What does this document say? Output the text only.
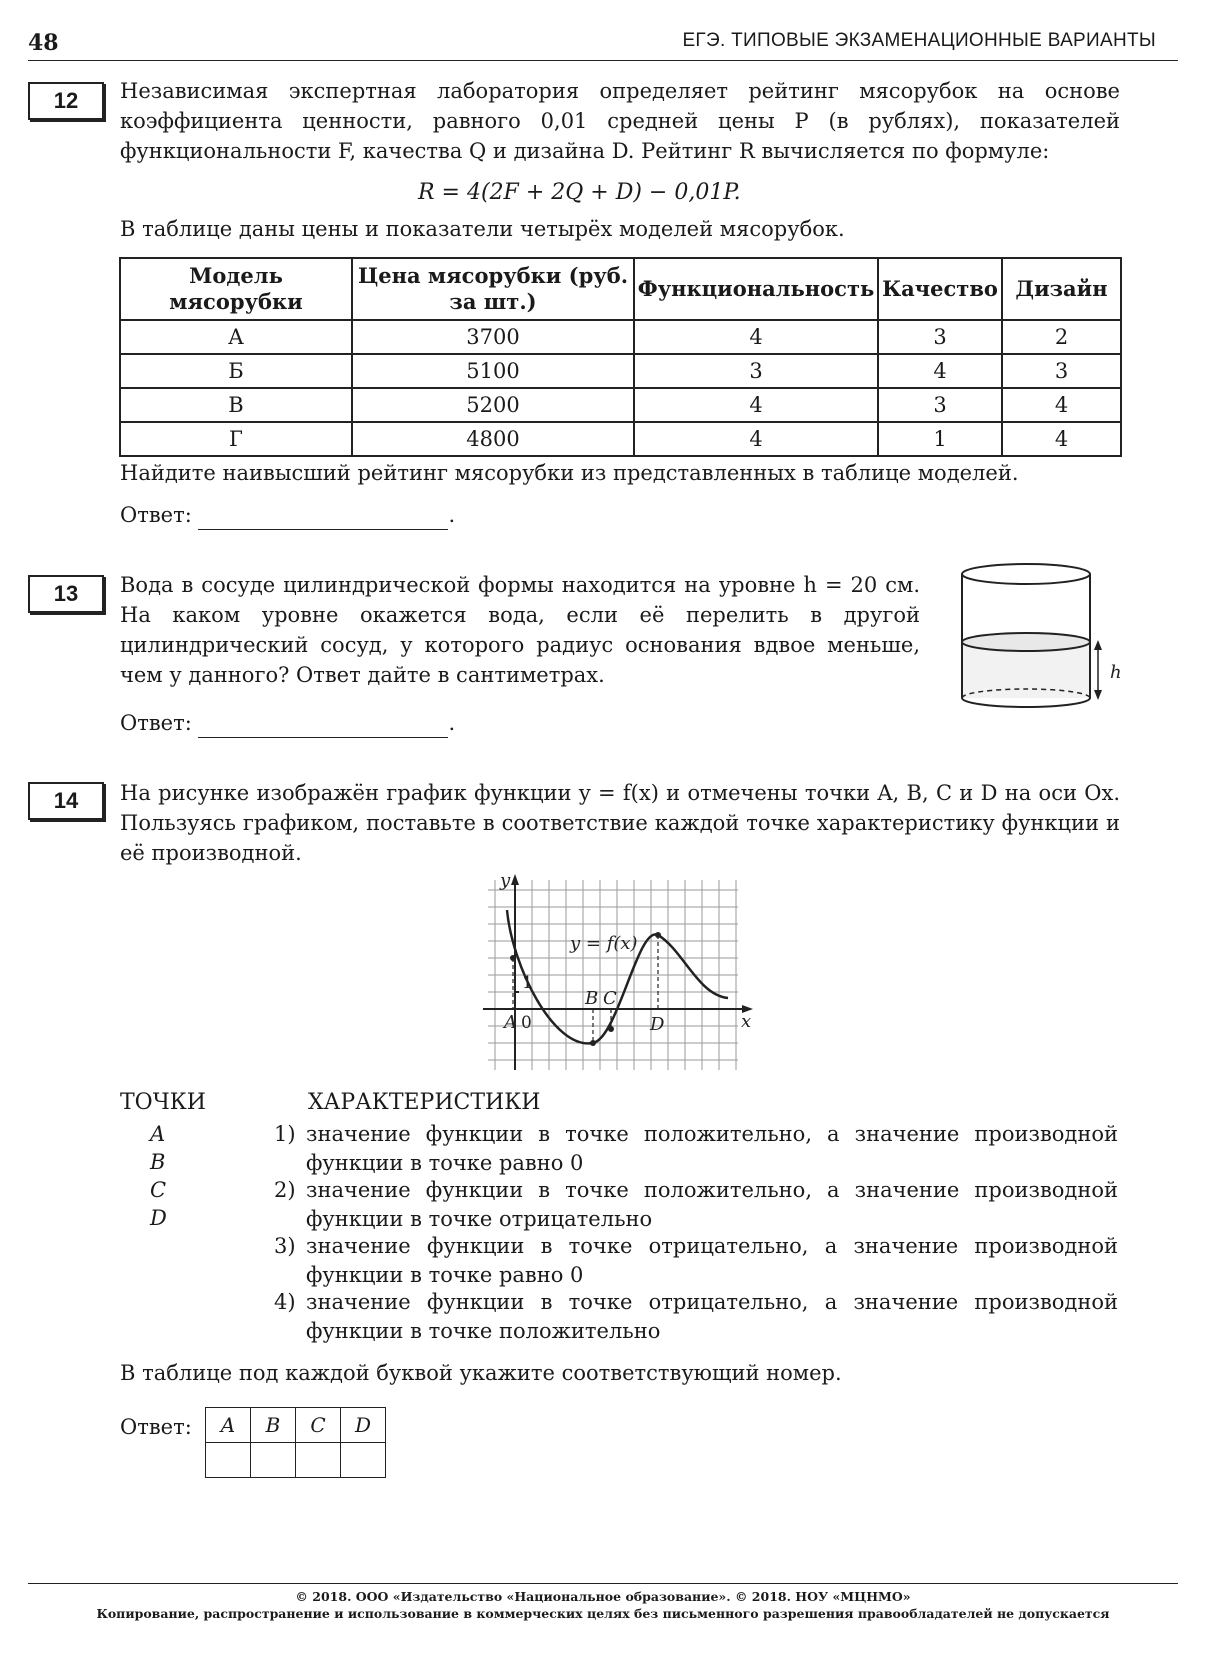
48	ЕГЭ. ТИПОВЫЕ ЭКЗАМЕНАЦИОННЫЕ ВАРИАНТЫ
12	Независимая экспертная лаборатория определяет рейтинг мясорубок на основе коэффициента ценности, равного 0,01 средней цены P (в рублях), показателей функциональности F, качества Q и дизайна D. Рейтинг R вычисляется по формуле:
R = 4(2F + 2Q + D) − 0,01P.
В таблице даны цены и показатели четырёх моделей мясорубок.
Модель мясорубки	Цена мясорубки (руб. за шт.)	Функциональность	Качество	Дизайн
А	3700	4	3	2
Б	5100	3	4	3
В	5200	4	3	4
Г	4800	4	1	4
Найдите наивысший рейтинг мясорубки из представленных в таблице моделей.
Ответ:	.
13	Вода в сосуде цилиндрической формы находится на уровне h = 20 см. На каком уровне окажется вода, если её перелить в другой цилиндрический сосуд, у которого радиус основания вдвое меньше, чем у данного? Ответ дайте в сантиметрах.	h
Ответ:	.
14	На рисунке изображён график функции y = f(x) и отмечены точки A, B, C и D на оси Ox. Пользуясь графиком, поставьте в соответствие каждой точке характеристику функции и её производной.
y
x
y = f(x)
A
B C
D
1
0
ТОЧКИ	ХАРАКТЕРИСТИКИ
A
B
C
D
1) значение функции в точке положительно, а значение производной функции в точке равно 0
2) значение функции в точке положительно, а значение производной функции в точке отрицательно
3) значение функции в точке отрицательно, а значение производной функции в точке равно 0
4) значение функции в точке отрицательно, а значение производной функции в точке положительно
В таблице под каждой буквой укажите соответствующий номер.
Ответ: A	B	C	D

© 2018. ООО «Издательство «Национальное образование». © 2018. НОУ «МЦНМО»
Копирование, распространение и использование в коммерческих целях без письменного разрешения правообладателей не допускается
